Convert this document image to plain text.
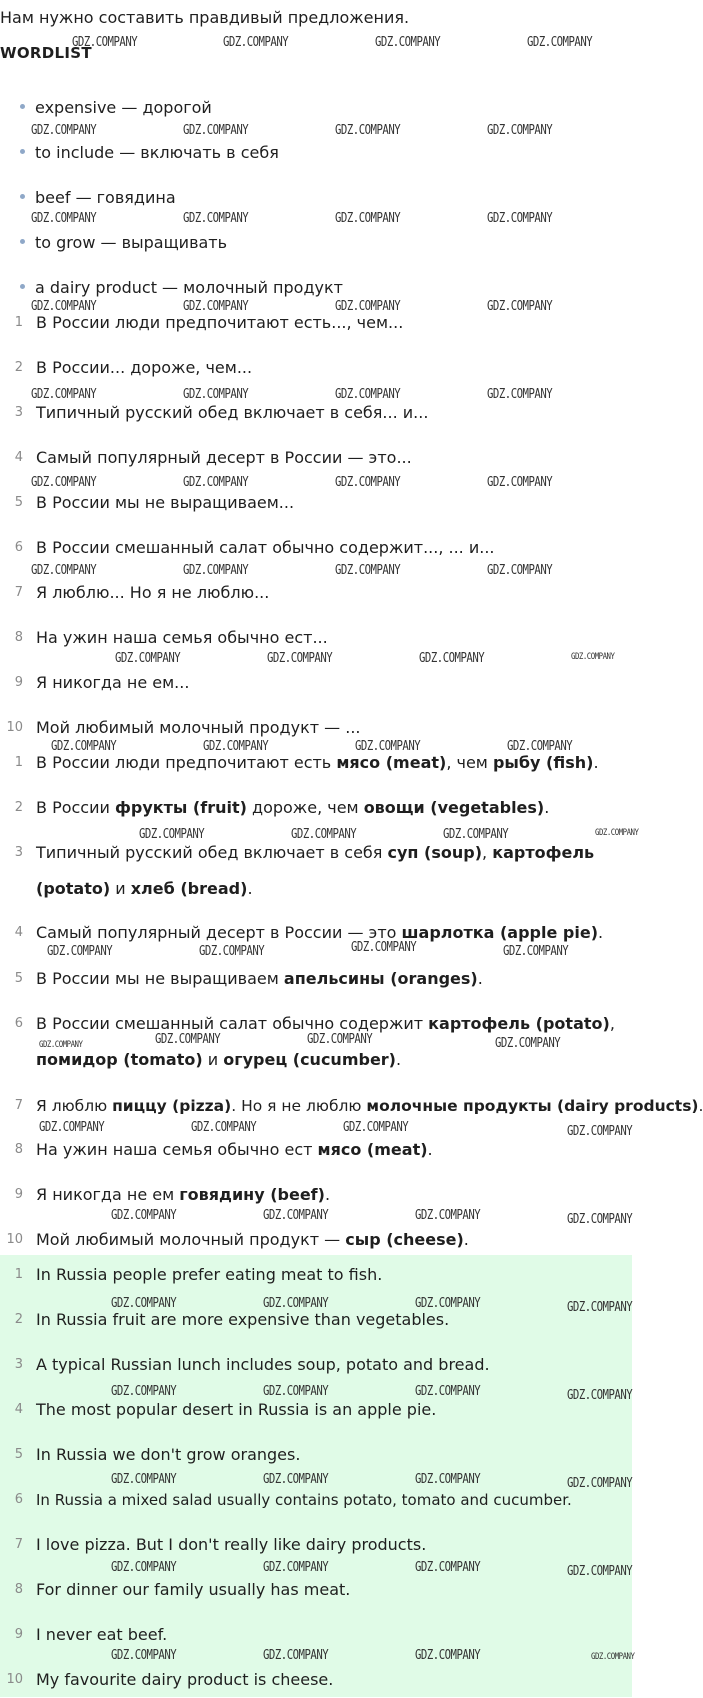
Нам нужно составить правдивый предложения.
WORDLIST
expensive — дорогой
to include — включать в себя
beef — говядина
to grow — выращивать
a dairy product — молочный продукт
1 В России люди предпочитают есть..., чем...
2 В России... дороже, чем...
3 Типичный русский обед включает в себя... и...
4 Самый популярный десерт в России — это...
5 В России мы не выращиваем...
6 В России смешанный салат обычно содержит..., ... и...
7 Я люблю... Но я не люблю...
8 На ужин наша семья обычно ест...
9 Я никогда не ем...
10 Мой любимый молочный продукт — ...
1 В России люди предпочитают есть мясо (meat), чем рыбу (fish).
2 В России фрукты (fruit) дороже, чем овощи (vegetables).
3 Типичный русский обед включает в себя суп (soup), картофель (potato) и хлеб (bread).
4 Самый популярный десерт в России — это шарлотка (apple pie).
5 В России мы не выращиваем апельсины (oranges).
6 В России смешанный салат обычно содержит картофель (potato), помидор (tomato) и огурец (cucumber).
7 Я люблю пиццу (pizza). Но я не люблю молочные продукты (dairy products).
8 На ужин наша семья обычно ест мясо (meat).
9 Я никогда не ем говядину (beef).
10 Мой любимый молочный продукт — сыр (cheese).
1 In Russia people prefer eating meat to fish.
2 In Russia fruit are more expensive than vegetables.
3 A typical Russian lunch includes soup, potato and bread.
4 The most popular desert in Russia is an apple pie.
5 In Russia we don't grow oranges.
6 In Russia a mixed salad usually contains potato, tomato and cucumber.
7 I love pizza. But I don't really like dairy products.
8 For dinner our family usually has meat.
9 I never eat beef.
10 My favourite dairy product is cheese.
GDZ.COMPANY	GDZ.COMPANY	GDZ.COMPANY	GDZ.COMPANY
GDZ.COMPANY	GDZ.COMPANY	GDZ.COMPANY	GDZ.COMPANY
GDZ.COMPANY	GDZ.COMPANY	GDZ.COMPANY	GDZ.COMPANY
GDZ.COMPANY	GDZ.COMPANY	GDZ.COMPANY	GDZ.COMPANY
GDZ.COMPANY	GDZ.COMPANY	GDZ.COMPANY	GDZ.COMPANY
GDZ.COMPANY	GDZ.COMPANY	GDZ.COMPANY	GDZ.COMPANY
GDZ.COMPANY	GDZ.COMPANY	GDZ.COMPANY	GDZ.COMPANY
GDZ.COMPANY	GDZ.COMPANY	GDZ.COMPANY	GDZ.COMPANY
GDZ.COMPANY	GDZ.COMPANY	GDZ.COMPANY	GDZ.COMPANY
GDZ.COMPANY	GDZ.COMPANY	GDZ.COMPANY	GDZ.COMPANY
GDZ.COMPANY	GDZ.COMPANY	GDZ.COMPANY	GDZ.COMPANY
GDZ.COMPANY	GDZ.COMPANY	GDZ.COMPANY	GDZ.COMPANY
GDZ.COMPANY	GDZ.COMPANY	GDZ.COMPANY	GDZ.COMPANY
GDZ.COMPANY	GDZ.COMPANY	GDZ.COMPANY	GDZ.COMPANY
GDZ.COMPANY	GDZ.COMPANY	GDZ.COMPANY	GDZ.COMPANY
GDZ.COMPANY	GDZ.COMPANY	GDZ.COMPANY	GDZ.COMPANY
GDZ.COMPANY	GDZ.COMPANY	GDZ.COMPANY	GDZ.COMPANY
GDZ.COMPANY	GDZ.COMPANY	GDZ.COMPANY	GDZ.COMPANY
GDZ.COMPANY	GDZ.COMPANY	GDZ.COMPANY	GDZ.COMPANY
